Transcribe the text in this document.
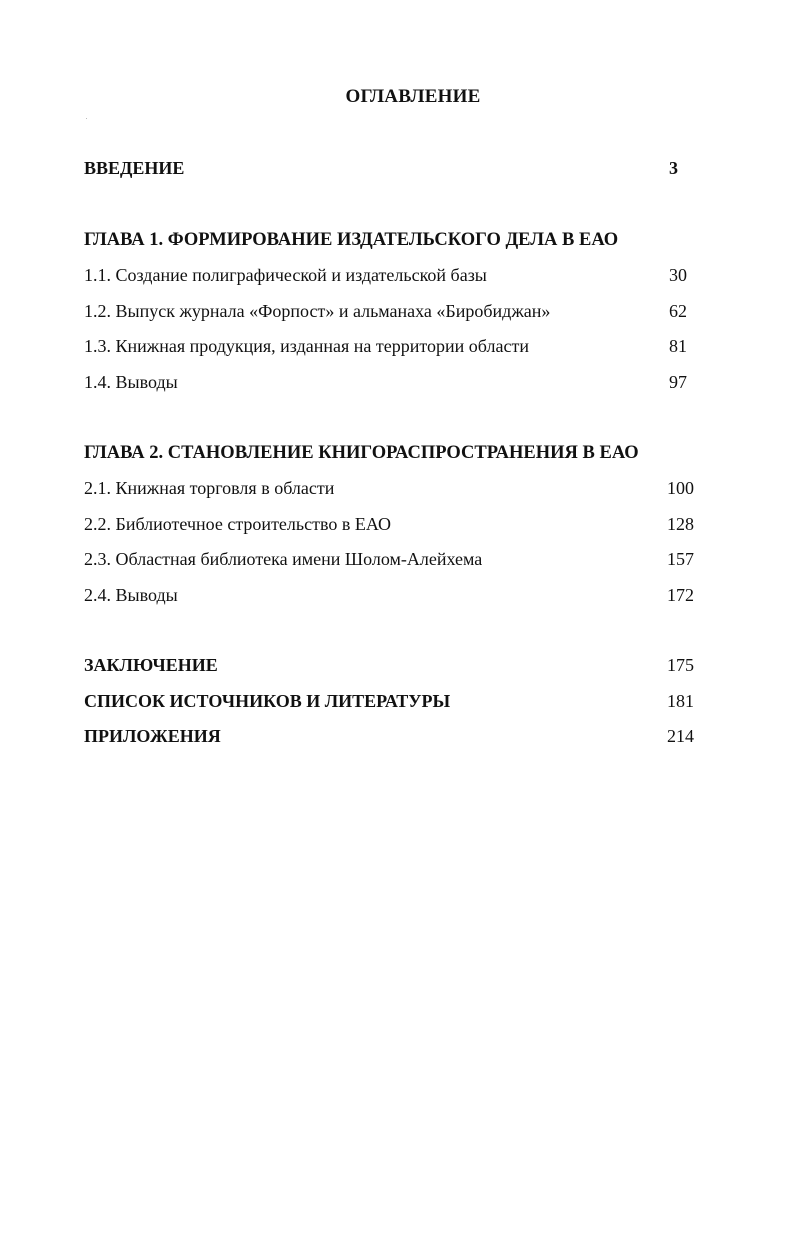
ОГЛАВЛЕНИЕ
ВВЕДЕНИЕ	3
ГЛАВА 1. ФОРМИРОВАНИЕ ИЗДАТЕЛЬСКОГО ДЕЛА В ЕАО
1.1. Создание полиграфической и издательской базы	30
1.2. Выпуск журнала «Форпост» и альманаха «Биробиджан»	62
1.3. Книжная продукция, изданная на территории области	81
1.4. Выводы	97
ГЛАВА 2. СТАНОВЛЕНИЕ КНИГОРАСПРОСТРАНЕНИЯ В ЕАО
2.1. Книжная торговля в области	100
2.2. Библиотечное строительство в ЕАО	128
2.3. Областная библиотека имени Шолом-Алейхема	157
2.4. Выводы	172
ЗАКЛЮЧЕНИЕ	175
СПИСОК ИСТОЧНИКОВ И ЛИТЕРАТУРЫ	181
ПРИЛОЖЕНИЯ	214
